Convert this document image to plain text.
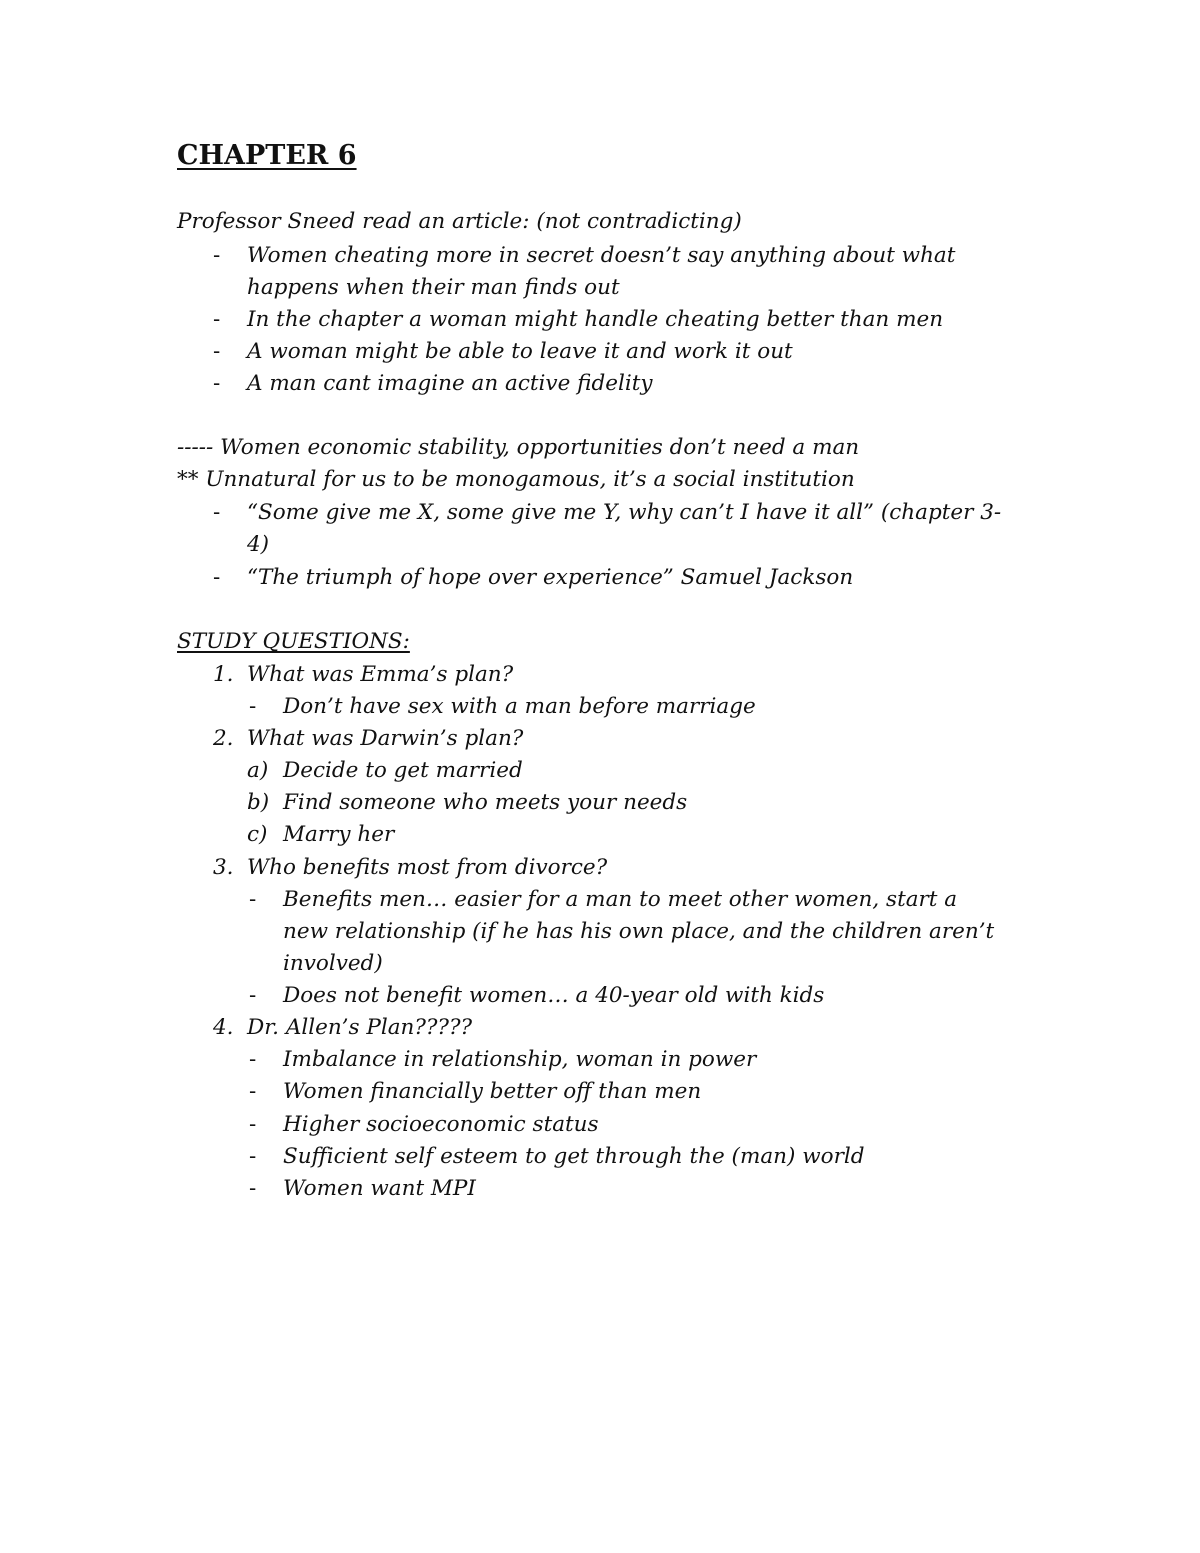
CHAPTER 6
Professor Sneed read an article: (not contradicting)
- Women cheating more in secret doesn’t say anything about what
happens when their man finds out
- In the chapter a woman might handle cheating better than men
- A woman might be able to leave it and work it out
- A man cant imagine an active fidelity
----- Women economic stability, opportunities don’t need a man
** Unnatural for us to be monogamous, it’s a social institution
- “Some give me X, some give me Y, why can’t I have it all” (chapter 3-
4)
- “The triumph of hope over experience” Samuel Jackson
STUDY QUESTIONS:
1. What was Emma’s plan?
- Don’t have sex with a man before marriage
2. What was Darwin’s plan?
a) Decide to get married
b) Find someone who meets your needs
c) Marry her
3. Who benefits most from divorce?
- Benefits men… easier for a man to meet other women, start a
new relationship (if he has his own place, and the children aren’t
involved)
- Does not benefit women… a 40-year old with kids
4. Dr. Allen’s Plan?????
- Imbalance in relationship, woman in power
- Women financially better off than men
- Higher socioeconomic status
- Sufficient self esteem to get through the (man) world
- Women want MPI
